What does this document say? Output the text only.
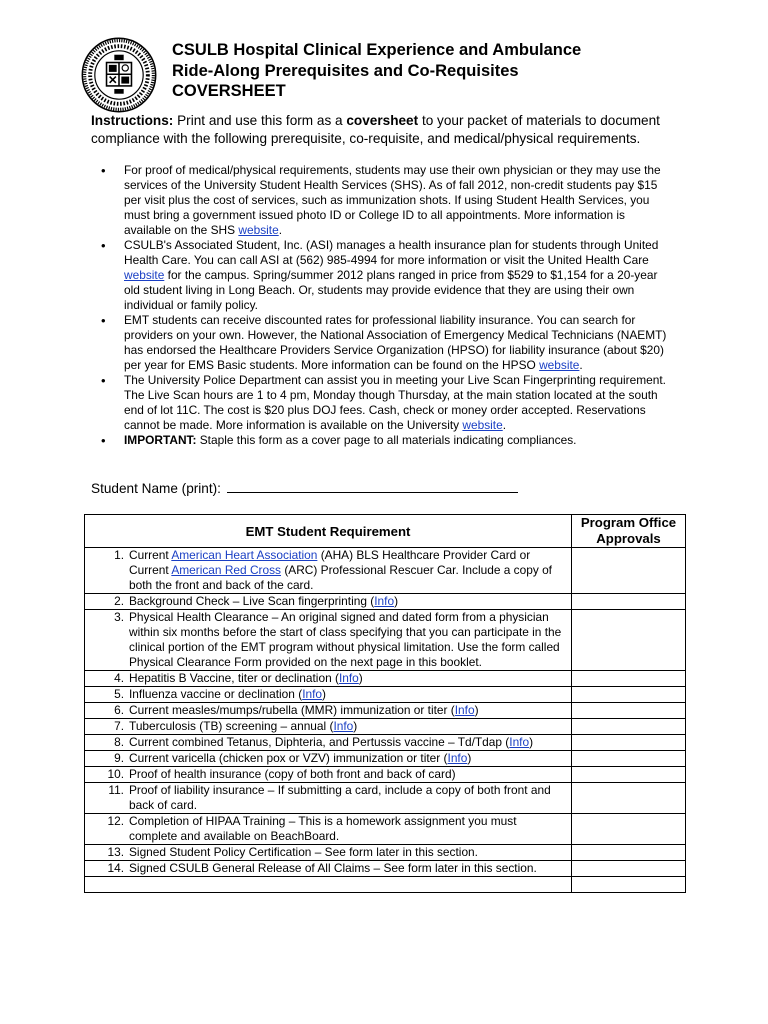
CSULB Hospital Clinical Experience and Ambulance
Ride-Along Prerequisites and Co-Requisites
COVERSHEET

Instructions: Print and use this form as a coversheet to your packet of materials to document compliance with the following prerequisite, co-requisite, and medical/physical requirements.

• For proof of medical/physical requirements, students may use their own physician or they may use the services of the University Student Health Services (SHS). As of fall 2012, non-credit students pay $15 per visit plus the cost of services, such as immunization shots. If using Student Health Services, you must bring a government issued photo ID or College ID to all appointments. More information is available on the SHS website.
• CSULB's Associated Student, Inc. (ASI) manages a health insurance plan for students through United Health Care. You can call ASI at (562) 985-4994 for more information or visit the United Health Care website for the campus. Spring/summer 2012 plans ranged in price from $529 to $1,154 for a 20-year old student living in Long Beach. Or, students may provide evidence that they are using their own individual or family policy.
• EMT students can receive discounted rates for professional liability insurance. You can search for providers on your own. However, the National Association of Emergency Medical Technicians (NAEMT) has endorsed the Healthcare Providers Service Organization (HPSO) for liability insurance (about $20) per year for EMS Basic students. More information can be found on the HPSO website.
• The University Police Department can assist you in meeting your Live Scan Fingerprinting requirement. The Live Scan hours are 1 to 4 pm, Monday though Thursday, at the main station located at the south end of lot 11C. The cost is $20 plus DOJ fees. Cash, check or money order accepted. Reservations cannot be made. More information is available on the University website.
• IMPORTANT: Staple this form as a cover page to all materials indicating compliances.
Student Name (print):
EMT Student Requirement	Program Office Approvals

1. Current American Heart Association (AHA) BLS Healthcare Provider Card or Current American Red Cross (ARC) Professional Rescuer Car. Include a copy of both the front and back of the card.	

2. Background Check – Live Scan fingerprinting (Info)	

3. Physical Health Clearance – An original signed and dated form from a physician within six months before the start of class specifying that you can participate in the clinical portion of the EMT program without physical limitation. Use the form called Physical Clearance Form provided on the next page in this booklet.	

4. Hepatitis B Vaccine, titer or declination (Info)	

5. Influenza vaccine or declination (Info)	

6. Current measles/mumps/rubella (MMR) immunization or titer (Info)	

7. Tuberculosis (TB) screening – annual (Info)	

8. Current combined Tetanus, Diphteria, and Pertussis vaccine – Td/Tdap (Info)	

9. Current varicella (chicken pox or VZV) immunization or titer (Info)	

10. Proof of health insurance (copy of both front and back of card)	

11. Proof of liability insurance – If submitting a card, include a copy of both front and back of card.	

12. Completion of HIPAA Training – This is a homework assignment you must complete and available on BeachBoard.	

13. Signed Student Policy Certification – See form later in this section.	

14. Signed CSULB General Release of All Claims – See form later in this section.	
